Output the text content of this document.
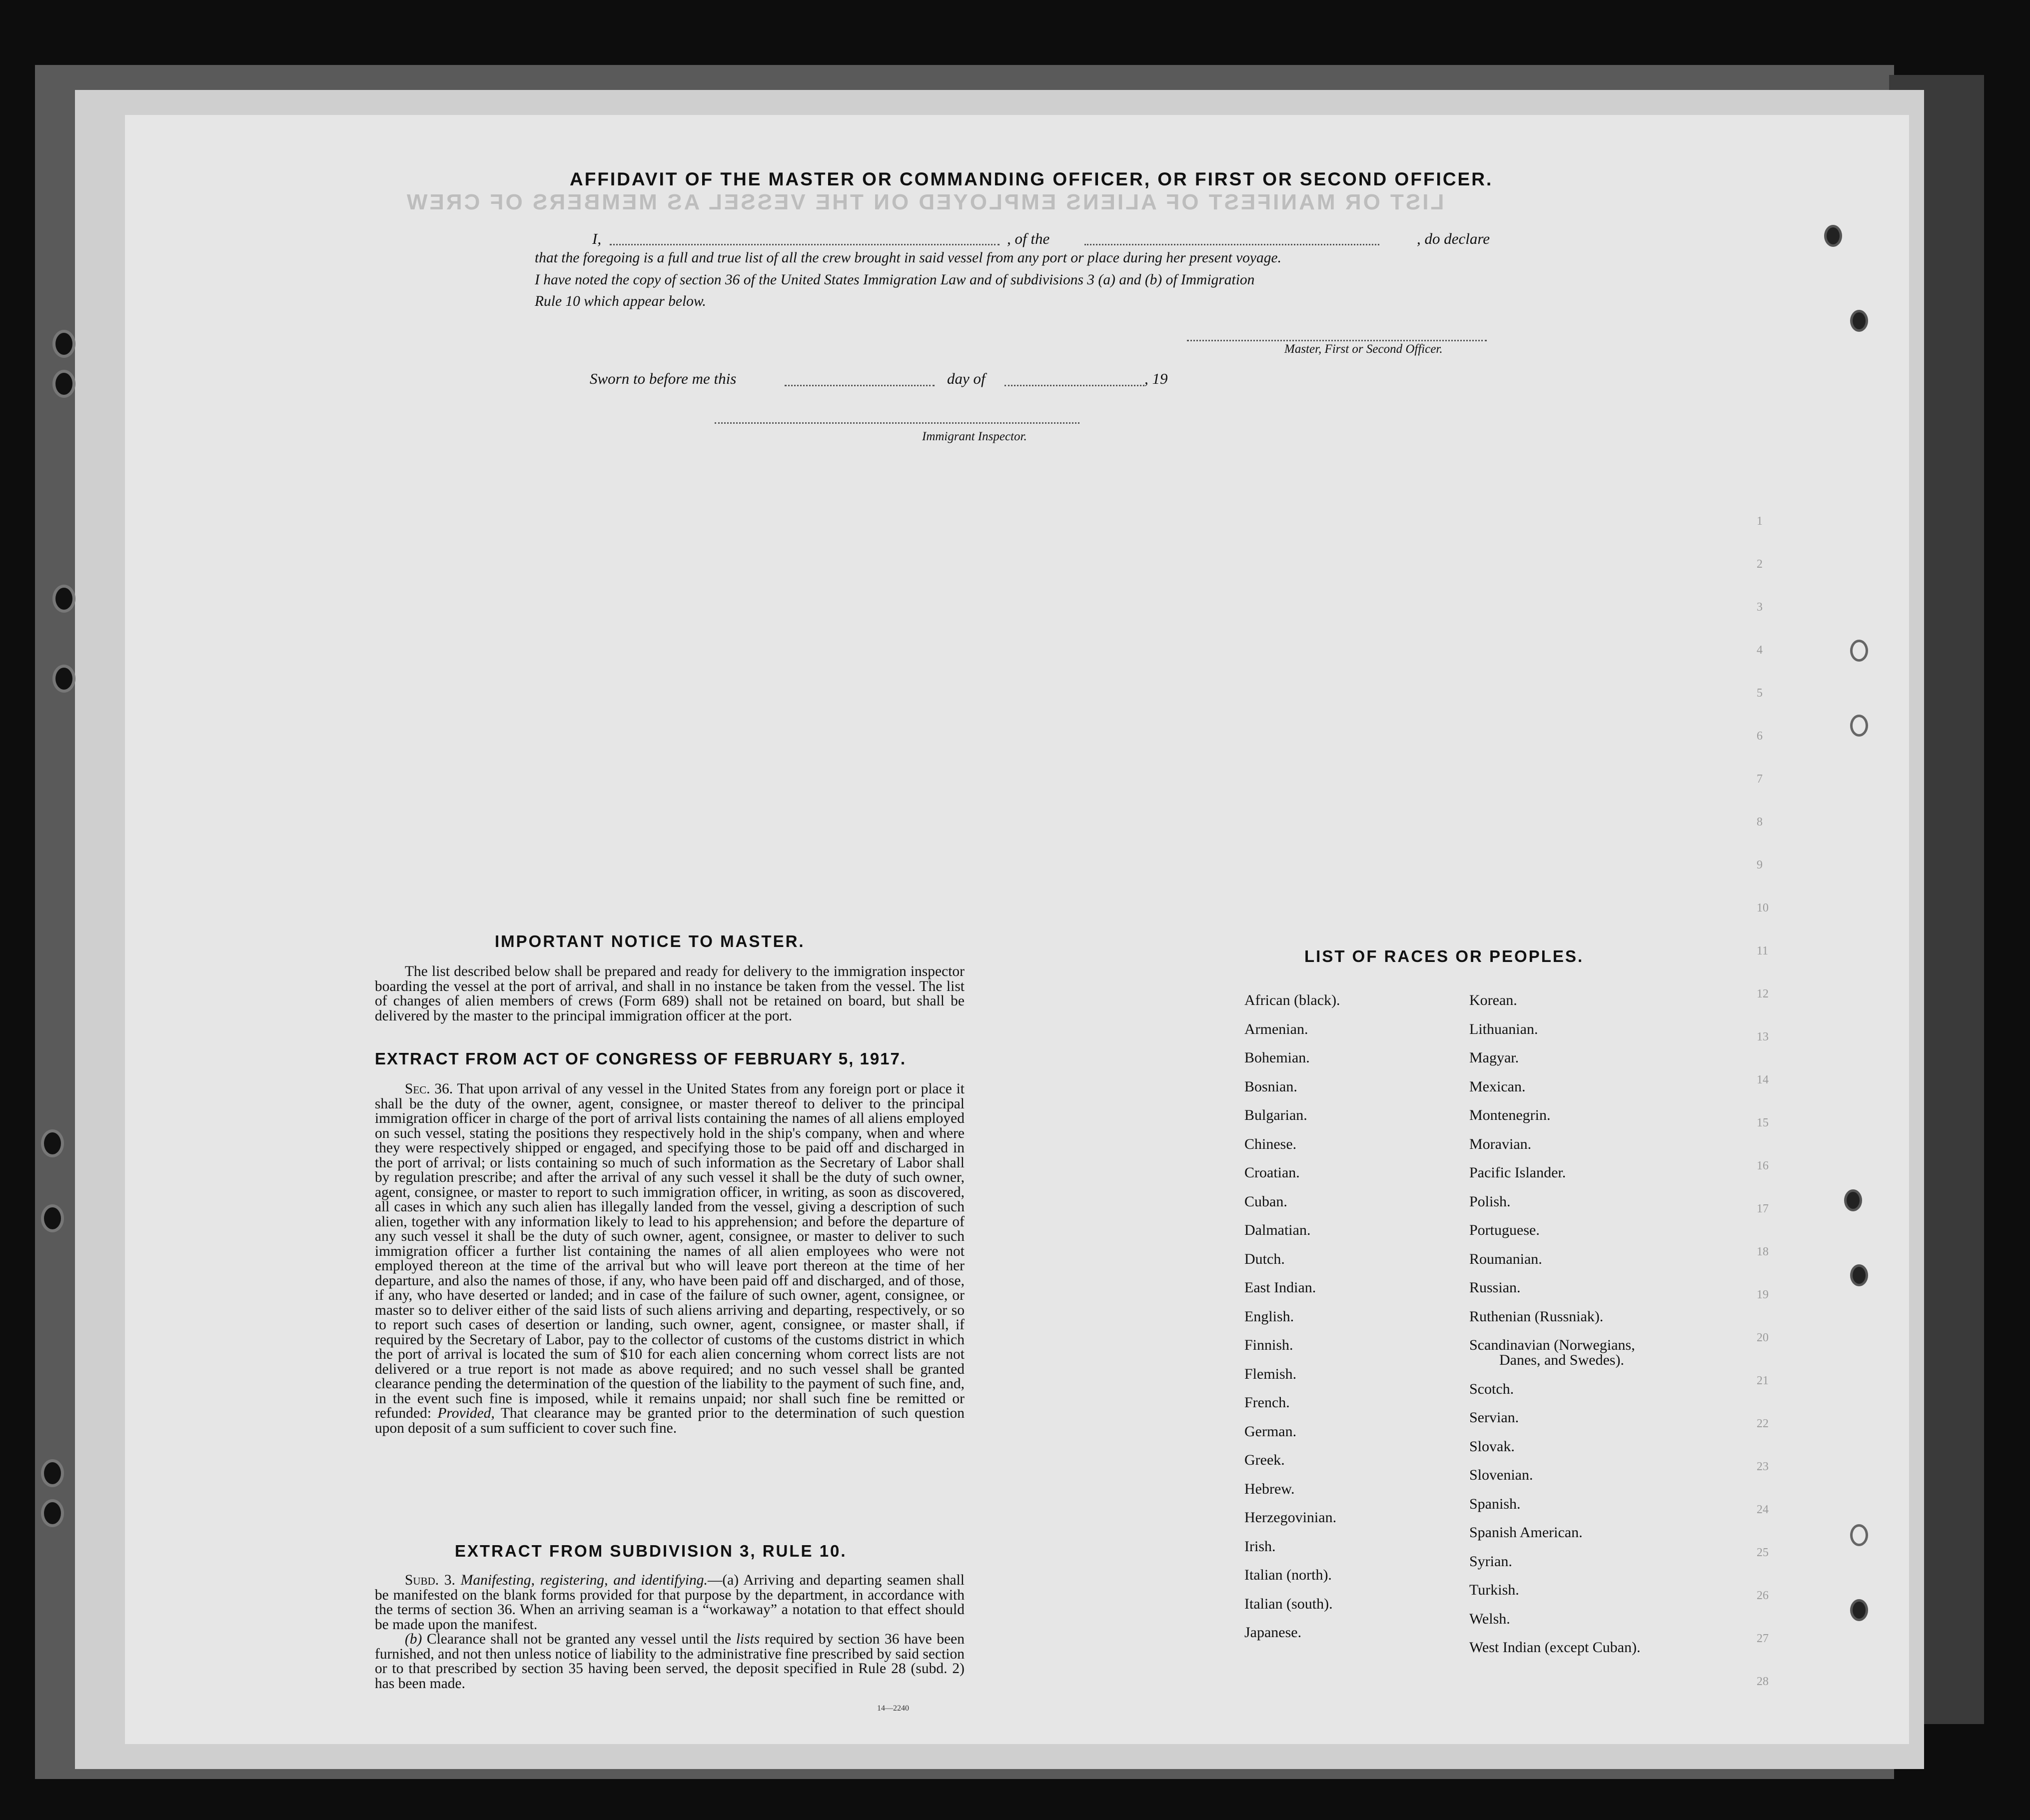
LIST OR MANIFEST OF ALIENS EMPLOYED ON THE VESSEL AS MEMBERS OF CREW
1
2
3
4
5
6
7
8
9
10
11
12
13
14
15
16
17
18
19
20
21
22
23
24
25
26
27
28
AFFIDAVIT OF THE MASTER OR COMMANDING OFFICER, OR FIRST OR SECOND OFFICER.
I,	, of the	, do declare
that the foregoing is a full and true list of all the crew brought in said vessel from any port or place during her present voyage.
I have noted the copy of section 36 of the United States Immigration Law and of subdivisions 3 (a) and (b) of Immigration
Rule 10 which appear below.
Master, First or Second Officer.
Sworn to before me this	day of	, 19
Immigrant Inspector.
IMPORTANT NOTICE TO MASTER.
The list described below shall be prepared and ready for delivery to the immigration inspector boarding the vessel at the port of arrival, and shall in no instance be taken from the vessel. The list of changes of alien members of crews (Form 689) shall not be retained on board, but shall be delivered by the master to the principal immigration officer at the port.
EXTRACT FROM ACT OF CONGRESS OF FEBRUARY 5, 1917.

Sec. 36. That upon arrival of any vessel in the United States from any foreign port or place it shall be the duty of the owner, agent, consignee, or master thereof to deliver to the principal immigration officer in charge of the port of arrival lists containing the names of all aliens employed on such vessel, stating the positions they respectively hold in the ship's company, when and where they were respectively shipped or engaged, and specifying those to be paid off and discharged in the port of arrival; or lists containing so much of such information as the Secretary of Labor shall by regulation prescribe; and after the arrival of any such vessel it shall be the duty of such owner, agent, consignee, or master to report to such immigration officer, in writing, as soon as discovered, all cases in which any such alien has illegally landed from the vessel, giving a description of such alien, together with any information likely to lead to his apprehension; and before the departure of any such vessel it shall be the duty of such owner, agent, consignee, or master to deliver to such immigration officer a further list containing the names of all alien employees who were not employed thereon at the time of the arrival but who will leave port thereon at the time of her departure, and also the names of those, if any, who have been paid off and discharged, and of those, if any, who have deserted or landed; and in case of the failure of such owner, agent, consignee, or master so to deliver either of the said lists of such aliens arriving and departing, respectively, or so to report such cases of desertion or landing, such owner, agent, consignee, or master shall, if required by the Secretary of Labor, pay to the collector of customs of the customs district in which the port of arrival is located the sum of $10 for each alien concerning whom correct lists are not delivered or a true report is not made as above required; and no such vessel shall be granted clearance pending the determination of the question of the liability to the payment of such fine, and, in the event such fine is imposed, while it remains unpaid; nor shall such fine be remitted or refunded: Provided, That clearance may be granted prior to the determination of such question upon deposit of a sum sufficient to cover such fine.

EXTRACT FROM SUBDIVISION 3, RULE 10.

Subd. 3. Manifesting, registering, and identifying.—(a) Arriving and departing seamen shall be manifested on the blank forms provided for that purpose by the department, in accordance with the terms of section 36. When an arriving seaman is a “workaway” a notation to that effect should be made upon the manifest.

(b) Clearance shall not be granted any vessel until the lists required by section 36 have been furnished, and not then unless notice of liability to the administrative fine prescribed by said section or to that prescribed by section 35 having been served, the deposit specified in Rule 28 (subd. 2) has been made.

14—2240
LIST OF RACES OR PEOPLES.
African (black).
Armenian.
Bohemian.
Bosnian.
Bulgarian.
Chinese.
Croatian.
Cuban.
Dalmatian.
Dutch.
East Indian.
English.
Finnish.
Flemish.
French.
German.
Greek.
Hebrew.
Herzegovinian.
Irish.
Italian (north).
Italian (south).
Japanese.
Korean.
Lithuanian.
Magyar.
Mexican.
Montenegrin.
Moravian.
Pacific Islander.
Polish.
Portuguese.
Roumanian.
Russian.
Ruthenian (Russniak).
Scandinavian (Norwegians,
Danes, and Swedes).
Scotch.
Servian.
Slovak.
Slovenian.
Spanish.
Spanish American.
Syrian.
Turkish.
Welsh.
West Indian (except Cuban).
